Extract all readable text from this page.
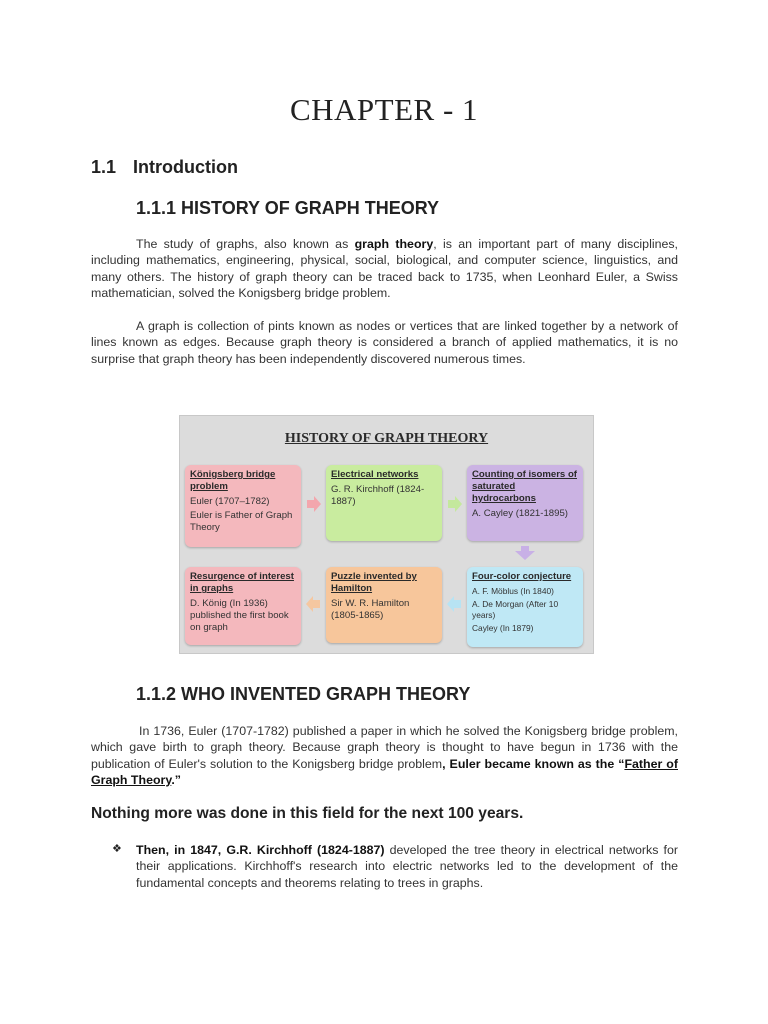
CHAPTER - 1
1.1 Introduction
1.1.1 HISTORY OF GRAPH THEORY
The study of graphs, also known as graph theory, is an important part of many disciplines, including mathematics, engineering, physical, social, biological, and computer science, linguistics, and many others. The history of graph theory can be traced back to 1735, when Leonhard Euler, a Swiss mathematician, solved the Konigsberg bridge problem.
A graph is collection of pints known as nodes or vertices that are linked together by a network of lines known as edges. Because graph theory is considered a branch of applied mathematics, it is no surprise that graph theory has been independently discovered numerous times.
HISTORY OF GRAPH THEORY
Königsberg bridge problem
Euler (1707–1782)
Euler is Father of Graph Theory
Electrical networks
G. R. Kirchhoff (1824-1887)
Counting of isomers of saturated hydrocarbons
A. Cayley (1821-1895)
Resurgence of interest in graphs
D. König (In 1936) published the first book on graph
Puzzle invented by Hamilton
Sir W. R. Hamilton (1805-1865)
Four-color conjecture
A. F. Möblus (In 1840)
A. De Morgan (After 10 years)
Cayley (In 1879)
1.1.2 WHO INVENTED GRAPH THEORY
In 1736, Euler (1707-1782) published a paper in which he solved the Konigsberg bridge problem, which gave birth to graph theory. Because graph theory is thought to have begun in 1736 with the publication of Euler's solution to the Konigsberg bridge problem, Euler became known as the “Father of Graph Theory.”
Nothing more was done in this field for the next 100 years.
❖ Then, in 1847, G.R. Kirchhoff (1824-1887) developed the tree theory in electrical networks for their applications. Kirchhoff's research into electric networks led to the development of the fundamental concepts and theorems relating to trees in graphs.
